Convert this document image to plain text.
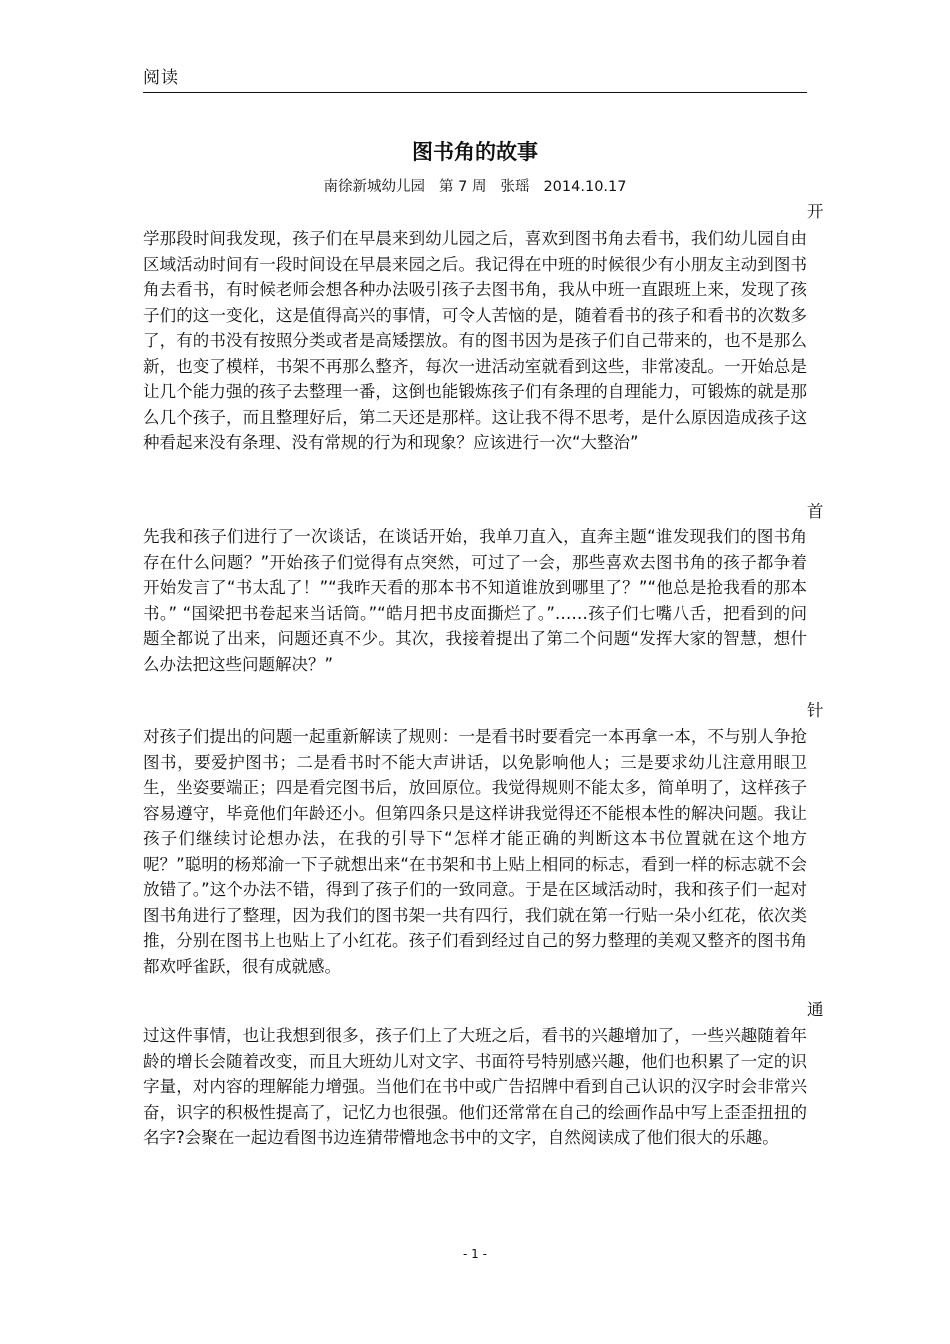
阅读
图书角的故事
南徐新城幼儿园 第 7 周 张瑶 2014.10.17
开

学那段时间我发现，孩子们在早晨来到幼儿园之后，喜欢到图书角去看书，我们幼儿园自由区域活动时间有一段时间设在早晨来园之后。我记得在中班的时候很少有小朋友主动到图书角去看书，有时候老师会想各种办法吸引孩子去图书角，我从中班一直跟班上来，发现了孩子们的这一变化，这是值得高兴的事情，可令人苦恼的是，随着看书的孩子和看书的次数多了，有的书没有按照分类或者是高矮摆放。有的图书因为是孩子们自己带来的，也不是那么新，也变了模样，书架不再那么整齐，每次一进活动室就看到这些，非常凌乱。一开始总是让几个能力强的孩子去整理一番，这倒也能锻炼孩子们有条理的自理能力，可锻炼的就是那么几个孩子，而且整理好后，第二天还是那样。这让我不得不思考，是什么原因造成孩子这种看起来没有条理、没有常规的行为和现象？应该进行一次“大整治”

首

先我和孩子们进行了一次谈话，在谈话开始，我单刀直入，直奔主题“谁发现我们的图书角存在什么问题？”开始孩子们觉得有点突然，可过了一会，那些喜欢去图书角的孩子都争着开始发言了“书太乱了！”“我昨天看的那本书不知道谁放到哪里了？”“他总是抢我看的那本书。” “国梁把书卷起来当话筒。”“皓月把书皮面撕烂了。”……孩子们七嘴八舌，把看到的问题全都说了出来，问题还真不少。其次，我接着提出了第二个问题“发挥大家的智慧，想什么办法把这些问题解决？”

针

对孩子们提出的问题一起重新解读了规则：一是看书时要看完一本再拿一本，不与别人争抢图书，要爱护图书；二是看书时不能大声讲话，以免影响他人；三是要求幼儿注意用眼卫生，坐姿要端正；四是看完图书后，放回原位。我觉得规则不能太多，简单明了，这样孩子容易遵守，毕竟他们年龄还小。但第四条只是这样讲我觉得还不能根本性的解决问题。我让孩子们继续讨论想办法，在我的引导下“怎样才能正确的判断这本书位置就在这个地方呢？”聪明的杨郑渝一下子就想出来“在书架和书上贴上相同的标志，看到一样的标志就不会放错了。”这个办法不错，得到了孩子们的一致同意。于是在区域活动时，我和孩子们一起对图书角进行了整理，因为我们的图书架一共有四行，我们就在第一行贴一朵小红花，依次类推，分别在图书上也贴上了小红花。孩子们看到经过自己的努力整理的美观又整齐的图书角都欢呼雀跃，很有成就感。

通

过这件事情，也让我想到很多，孩子们上了大班之后，看书的兴趣增加了，一些兴趣随着年龄的增长会随着改变，而且大班幼儿对文字、书面符号特别感兴趣，他们也积累了一定的识字量，对内容的理解能力增强。当他们在书中或广告招牌中看到自己认识的汉字时会非常兴奋，识字的积极性提高了，记忆力也很强。他们还常常在自己的绘画作品中写上歪歪扭扭的名字?会聚在一起边看图书边连猜带懵地念书中的文字，自然阅读成了他们很大的乐趣。

- 1 -
